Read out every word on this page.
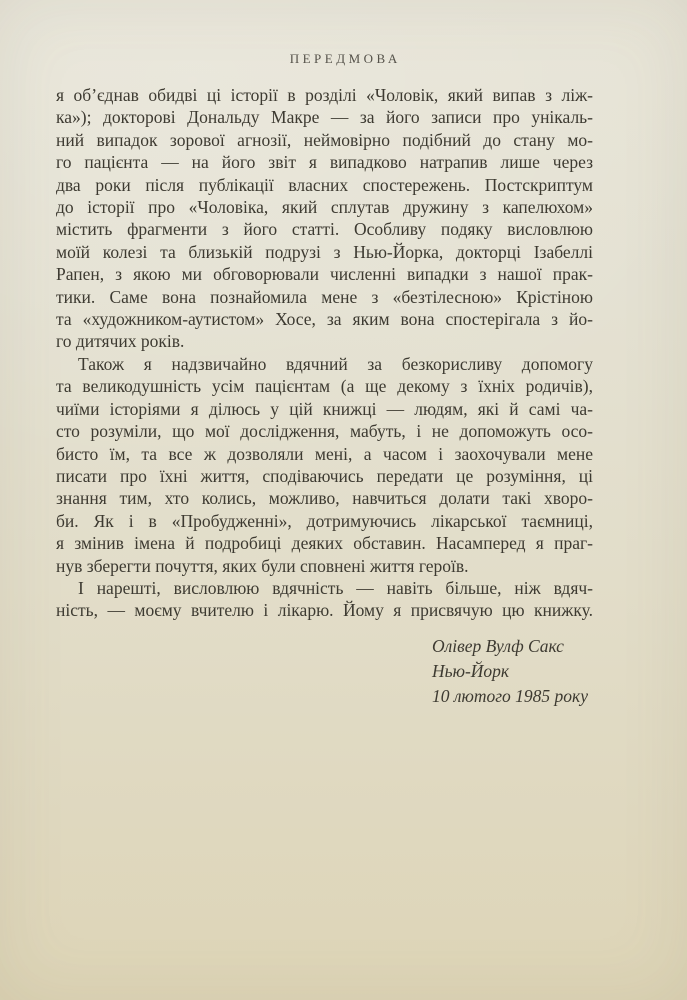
ПЕРЕДМОВА
я об’єднав обидві ці історії в розділі «Чоловік, який випав з ліж-
ка»); докторові Дональду Макре — за його записи про унікаль-
ний випадок зорової агнозії, неймовірно подібний до стану мо-
го пацієнта — на його звіт я випадково натрапив лише через
два роки після публікації власних спостережень. Постскриптум
до історії про «Чоловіка, який сплутав дружину з капелюхом»
містить фрагменти з його статті. Особливу подяку висловлюю
моїй колезі та близькій подрузі з Нью-Йорка, докторці Ізабеллі
Рапен, з якою ми обговорювали численні випадки з нашої прак-
тики. Саме вона познайомила мене з «безтілесною» Крістіною
та «художником-аутистом» Хосе, за яким вона спостерігала з йо-
го дитячих років.
Також я надзвичайно вдячний за безкорисливу допомогу
та великодушність усім пацієнтам (а ще декому з їхніх родичів),
чиїми історіями я ділюсь у цій книжці — людям, які й самі ча-
сто розуміли, що мої дослідження, мабуть, і не допоможуть осо-
бисто їм, та все ж дозволяли мені, а часом і заохочували мене
писати про їхні життя, сподіваючись передати це розуміння, ці
знання тим, хто колись, можливо, навчиться долати такі хворо-
би. Як і в «Пробудженні», дотримуючись лікарської таємниці,
я змінив імена й подробиці деяких обставин. Насамперед я праг-
нув зберегти почуття, яких були сповнені життя героїв.
І нарешті, висловлюю вдячність — навіть більше, ніж вдяч-
ність, — моєму вчителю і лікарю. Йому я присвячую цю книжку.
Олівер Вулф Сакс
Нью-Йорк
10 лютого 1985 року
